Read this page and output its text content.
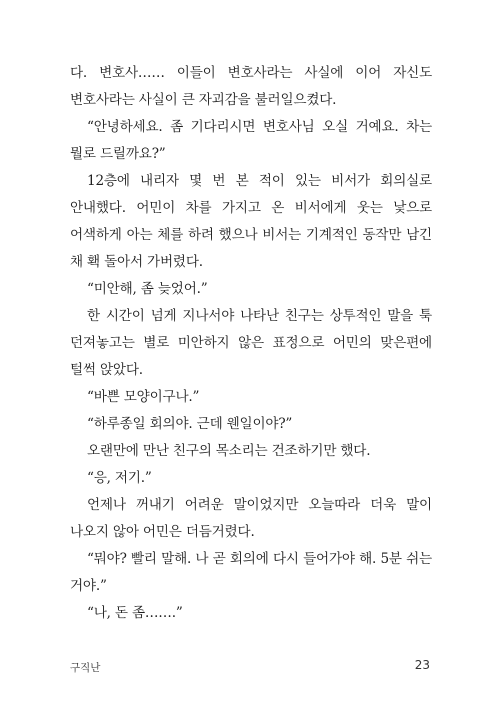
다. 변호사…… 이들이 변호사라는 사실에 이어 자신도 변호사라는 사실이 큰 자괴감을 불러일으켰다.

“안녕하세요. 좀 기다리시면 변호사님 오실 거예요. 차는 뭘로 드릴까요?”

12층에 내리자 몇 번 본 적이 있는 비서가 회의실로 안내했다. 어민이 차를 가지고 온 비서에게 웃는 낯으로 어색하게 아는 체를 하려 했으나 비서는 기계적인 동작만 남긴 채 홱 돌아서 가버렸다.

“미안해, 좀 늦었어.”

한 시간이 넘게 지나서야 나타난 친구는 상투적인 말을 툭 던져놓고는 별로 미안하지 않은 표정으로 어민의 맞은편에 털썩 앉았다.

“바쁜 모양이구나.”

“하루종일 회의야. 근데 웬일이야?”

오랜만에 만난 친구의 목소리는 건조하기만 했다.

“응, 저기.”

언제나 꺼내기 어려운 말이었지만 오늘따라 더욱 말이 나오지 않아 어민은 더듬거렸다.

“뭐야? 빨리 말해. 나 곧 회의에 다시 들어가야 해. 5분 쉬는 거야.”

“나, 돈 좀…….”

구직난	23
